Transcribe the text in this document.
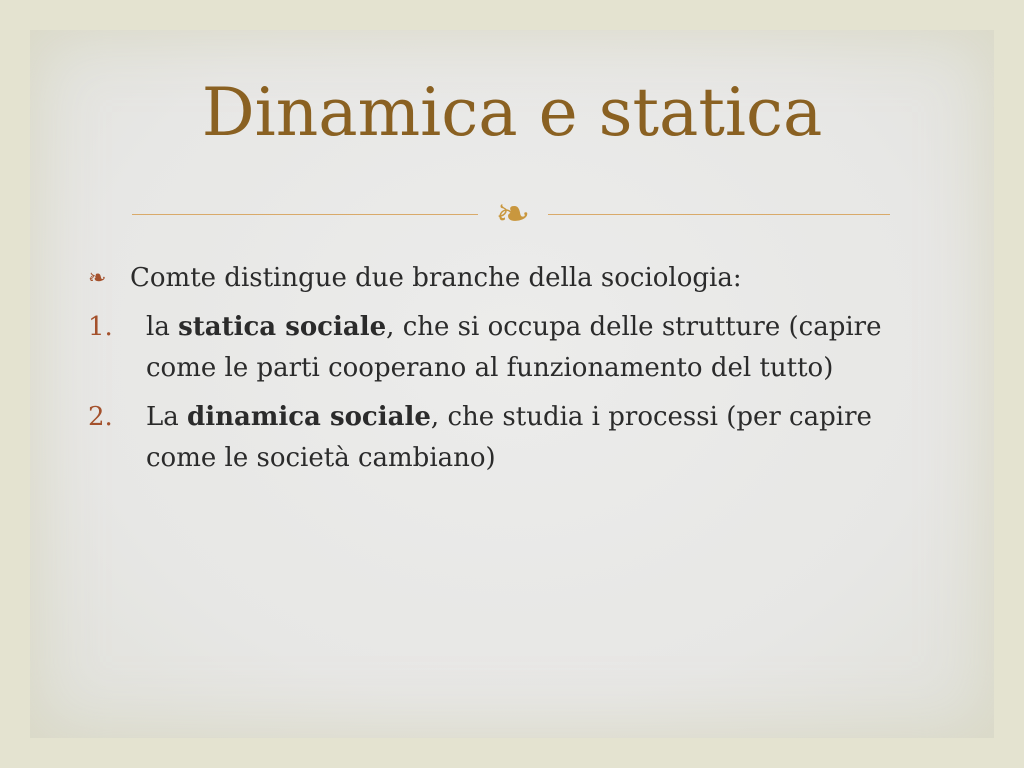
Dinamica e statica
❧
❧ Comte distingue due branche della sociologia:
1. la statica sociale, che si occupa delle strutture (capire come le parti cooperano al funzionamento del tutto)
2. La dinamica sociale, che studia i processi (per capire come le società cambiano)
